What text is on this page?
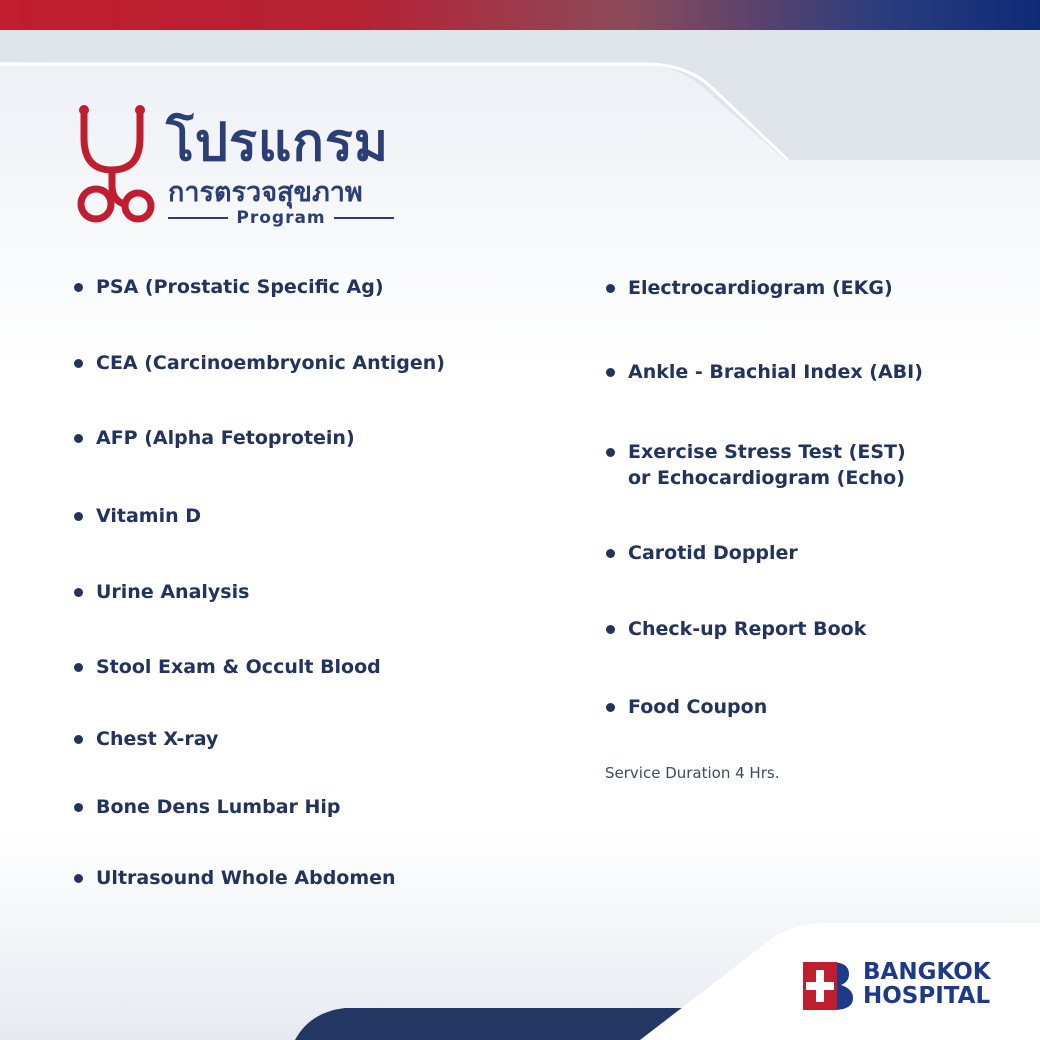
โปรแกรม
การตรวจสุขภาพ
Program
PSA (Prostatic Specific Ag)
CEA (Carcinoembryonic Antigen)
AFP (Alpha Fetoprotein)
Vitamin D
Urine Analysis
Stool Exam & Occult Blood
Chest X-ray
Bone Dens Lumbar Hip
Ultrasound Whole Abdomen
Electrocardiogram (EKG)
Ankle - Brachial Index (ABI)
Exercise Stress Test (EST)
or Echocardiogram (Echo)
Carotid Doppler
Check-up Report Book
Food Coupon
Service Duration 4 Hrs.
BANGKOK
HOSPITAL
